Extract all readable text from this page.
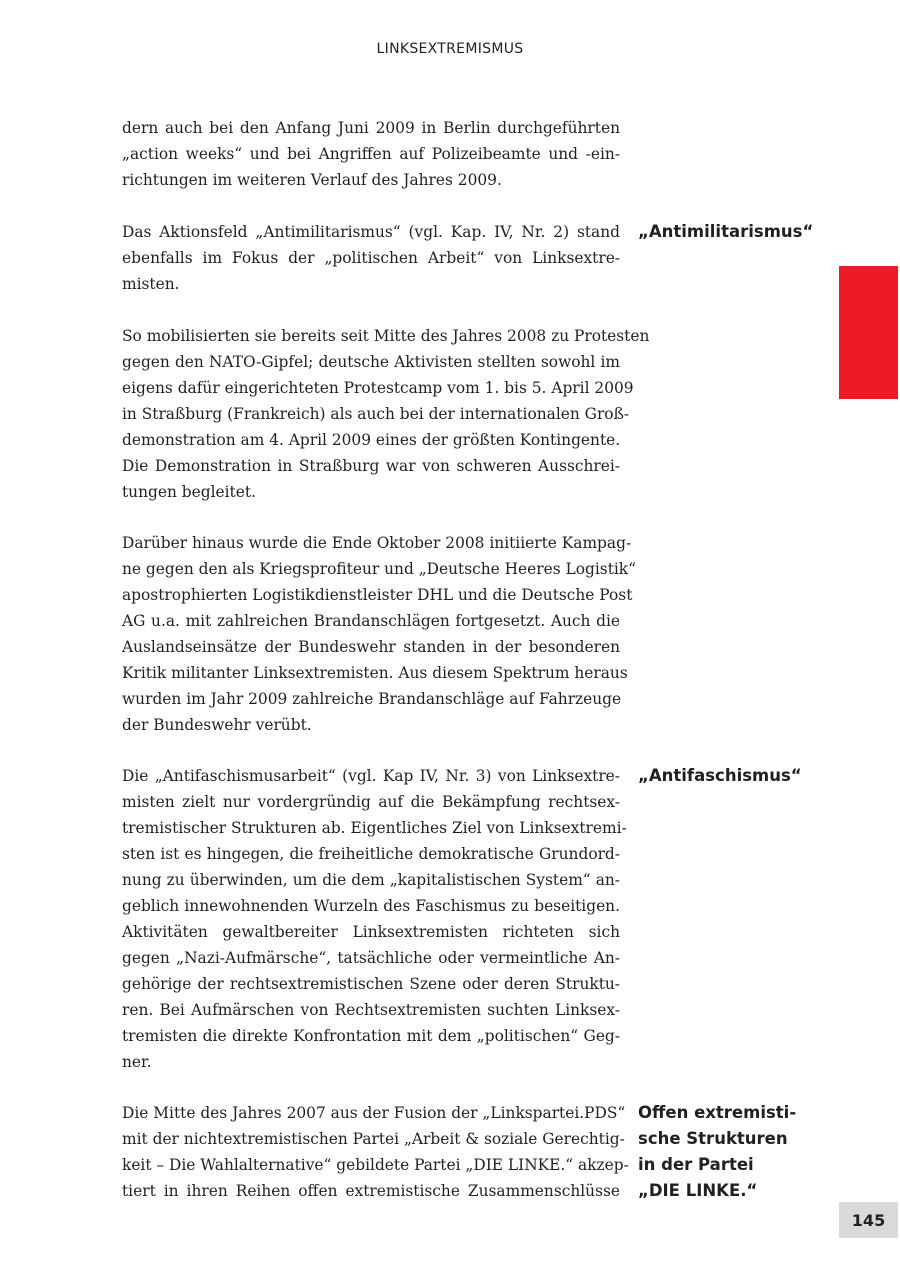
LINKSEXTREMISMUS
dern auch bei den Anfang Juni 2009 in Berlin durchgeführten
„action weeks“ und bei Angriffen auf Polizeibeamte und -ein-
richtungen im weiteren Verlauf des Jahres 2009.
Das Aktionsfeld „Antimilitarismus“ (vgl. Kap. IV, Nr. 2) stand
ebenfalls im Fokus der „politischen Arbeit“ von Linksextre-
misten.
So mobilisierten sie bereits seit Mitte des Jahres 2008 zu Protesten
gegen den NATO-Gipfel; deutsche Aktivisten stellten sowohl im
eigens dafür eingerichteten Protestcamp vom 1. bis 5. April 2009
in Straßburg (Frankreich) als auch bei der internationalen Groß-
demonstration am 4. April 2009 eines der größten Kontingente.
Die Demonstration in Straßburg war von schweren Ausschrei-
tungen begleitet.
Darüber hinaus wurde die Ende Oktober 2008 initiierte Kampag-
ne gegen den als Kriegsprofiteur und „Deutsche Heeres Logistik“
apostrophierten Logistikdienstleister DHL und die Deutsche Post
AG u.a. mit zahlreichen Brandanschlägen fortgesetzt. Auch die
Auslandseinsätze der Bundeswehr standen in der besonderen
Kritik militanter Linksextremisten. Aus diesem Spektrum heraus
wurden im Jahr 2009 zahlreiche Brandanschläge auf Fahrzeuge
der Bundeswehr verübt.
Die „Antifaschismusarbeit“ (vgl. Kap IV, Nr. 3) von Linksextre-
misten zielt nur vordergründig auf die Bekämpfung rechtsex-
tremistischer Strukturen ab. Eigentliches Ziel von Linksextremi-
sten ist es hingegen, die freiheitliche demokratische Grundord-
nung zu überwinden, um die dem „kapitalistischen System“ an-
geblich innewohnenden Wurzeln des Faschismus zu beseitigen.
Aktivitäten gewaltbereiter Linksextremisten richteten sich
gegen „Nazi-Aufmärsche“, tatsächliche oder vermeintliche An-
gehörige der rechtsextremistischen Szene oder deren Struktu-
ren. Bei Aufmärschen von Rechtsextremisten suchten Linksex-
tremisten die direkte Konfrontation mit dem „politischen“ Geg-
ner.
Die Mitte des Jahres 2007 aus der Fusion der „Linkspartei.PDS“
mit der nichtextremistischen Partei „Arbeit & soziale Gerechtig-
keit – Die Wahlalternative“ gebildete Partei „DIE LINKE.“ akzep-
tiert in ihren Reihen offen extremistische Zusammenschlüsse
„Antimilitarismus“
„Antifaschismus“
Offen extremisti-
sche Strukturen
in der Partei
„DIE LINKE.“
145
